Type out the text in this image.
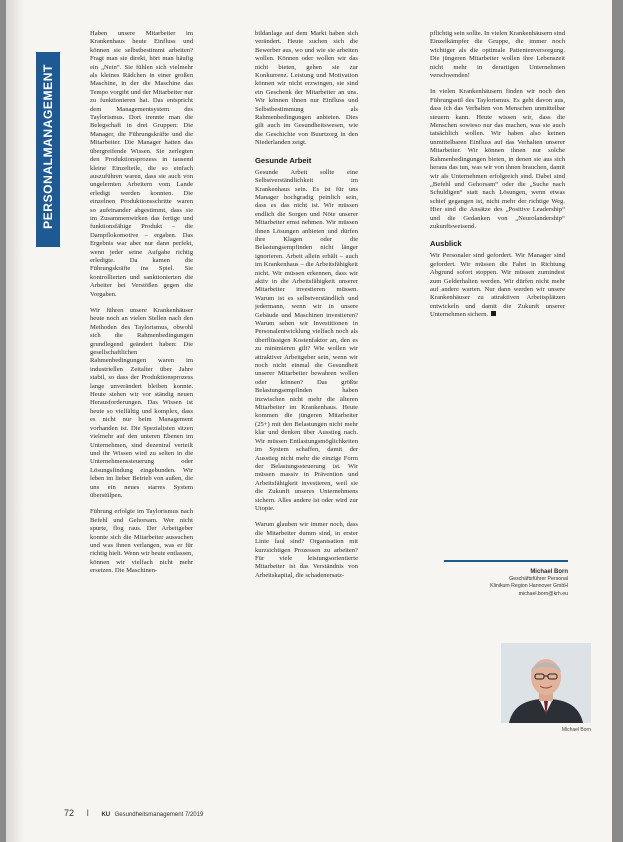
PERSONALMANAGEMENT

Haben unsere Mitarbeiter im Krankenhaus heute Einfluss und können sie selbstbestimmt arbeiten? Fragt man sie direkt, hört man häufig ein „Nein“. Sie fühlen sich vielmehr als kleines Rädchen in einer großen Maschine, in der die Maschine das Tempo vorgibt und der Mitarbeiter nur zu funktionieren hat. Das entspricht dem Managementsystem des Taylorismus. Dort trennte man die Belegschaft in drei Gruppen: Die Manager, die Führungskräfte und die Mitarbeiter. Die Manager hatten das übergreifende Wissen. Sie zerlegten den Produktionsprozess in tausend kleine Einzelteile, die so einfach auszuführen waren, dass sie auch von ungelernten Arbeitern vom Lande erledigt werden konnten. Die einzelnen Produktionsschritte waren so aufeinander abgestimmt, dass sie im Zusammenwirken das fertige und funktionsfähige Produkt – die Dampflokomotive – ergaben. Das Ergebnis war aber nur dann perfekt, wenn jeder seine Aufgabe richtig erledigte. Da kamen die Führungskräfte ins Spiel. Sie kontrollierten und sanktionierten die Arbeiter bei Verstößen gegen die Vorgaben.

Wir führen unsere Krankenhäuser heute noch an vielen Stellen nach den Methoden des Taylorismus, obwohl sich die Rahmenbedingungen grundlegend geändert haben: Die gesellschaftlichen Rahmenbedingungen waren im industriellen Zeitalter über Jahre stabil, so dass der Produktionsprozess lange unverändert bleiben konnte. Heute stehen wir vor ständig neuen Herausforderungen. Das Wissen ist heute so vielfältig und komplex, dass es nicht nur beim Management vorhanden ist. Die Spezialisten sitzen vielmehr auf den unteren Ebenen im Unternehmen, sind dezentral verteilt und ihr Wissen wird zu selten in die Unternehmenssteuerung oder Lösungsfindung eingebunden. Wir leben im lieber Betrieb von außen, die uns ein neues starres System überstülpen.

Führung erfolgte im Taylorismus nach Befehl und Gehorsam. Wer nicht spurte, flog raus. Der Arbeitgeber konnte sich die Mitarbeiter aussuchen und was ihnen verlangen, was er für richtig hielt. Wenn wir heute entlassen, können wir vielfach nicht mehr ersetzen. Die Maschinen-

bildanlage auf dem Markt haben sich verändert. Heute suchen sich die Bewerber aus, wo und wie sie arbeiten wollen. Können oder wollen wir das nicht bieten, gehen sie zur Konkurrenz. Leistung und Motivation können wir nicht erzwingen, sie sind ein Geschenk der Mitarbeiter an uns. Wir können ihnen nur Einfluss und Selbstbestimmung als Rahmenbedingungen anbieten. Dies gilt auch im Gesundheitswesen, wie die Geschichte von Buurtzorg in den Niederlanden zeigt.

Gesunde Arbeit

Gesunde Arbeit sollte eine Selbstverständlichkeit im Krankenhaus sein. Es ist für uns Manager hochgradig peinlich sein, dass es das nicht ist. Wir müssen endlich die Sorgen und Nöte unserer Mitarbeiter ernst nehmen. Wir müssen ihnen Lösungen anbieten und dürfen ihre Klagen oder die Belastungsempfinden nicht länger ignorieren. Arbeit allein erhält – auch im Krankenhaus – die Arbeitsfähigkeit nicht. Wir müssen erkennen, dass wir aktiv in die Arbeitsfähigkeit unserer Mitarbeiter investieren müssen. Warum ist es selbstverständlich und jedermann, wenn wir in unsere Gebäude und Maschinen investieren? Warum sehen wir Investitionen in Personalentwicklung vielfach noch als überflüssigen Kostenfaktor an, den es zu minimieren gilt? Wie wollen wir attraktiver Arbeitgeber sein, wenn wir noch nicht einmal die Gesundheit unserer Mitarbeiter bewahren wollen oder können? Das größte Belastungsempfinden haben inzwischen nicht mehr die älteren Mitarbeiter im Krankenhaus. Heute kommen die jüngeren Mitarbeiter (25+) mit den Belastungen nicht mehr klar und denken über Ausstieg nach. Wir müssen Entlastungsmöglichkeiten im System schaffen, damit der Ausstieg nicht mehr die einzige Form der Belastungssteuerung ist. Wir müssen massiv in Prävention und Arbeitsfähigkeit investieren, weil sie die Zukunft unseres Unternehmens sichern. Alles andere ist oder wird zur Utopie.

Warum glauben wir immer noch, dass die Mitarbeiter dumm sind, in erster Linie faul sind? Organisation mit kurzsichtigen Prozessen zu arbeiten? Für viele leistungsorientierte Mitarbeiter ist das Verständnis von Arbeitskapital, die schadenersatz-

pflichtig sein sollte. In vielen Krankenhäusern sind Einzelkämpfer die Gruppe, die immer noch wichtiger als die optimale Patientenversorgung. Die jüngeren Mitarbeiter wollen ihre Lebenszeit nicht mehr in derartigen Unternehmen verschwenden!

In vielen Krankenhäusern finden wir noch den Führungsstil des Taylorismus. Es geht davon aus, dass ich das Verhalten von Menschen unmittelbar steuern kann. Heute wissen wir, dass die Menschen sowieso nur das machen, was sie auch tatsächlich wollen. Wir haben also keinen unmittelbaren Einfluss auf das Verhalten unserer Mitarbeiter. Wir können ihnen nur solche Rahmenbedingungen bieten, in denen sie aus sich heraus das tun, was wir von ihnen brauchen, damit wir als Unternehmen erfolgreich sind. Dabei sind „Befehl und Gehorsam“ oder die „Suche nach Schuldigen“ statt nach Lösungen, wenn etwas schief gegangen ist, nicht mehr der richtige Weg. Hier sind die Ansätze des „Positive Leadership“ und die Gedanken von „Neurolandership“ zukunftsweisend.

Ausblick

Wir Personaler sind gefordert. Wir Manager sind gefordert. Wir müssen die Fahrt in Richtung Abgrund sofort stoppen. Wir müssen zumindest zum Gelderhalten werden. Wir dürfen nicht mehr auf andere warten. Nur dann werden wir unsere Krankenhäuser zu attraktiven Arbeitsplätzen entwickeln und damit die Zukunft unserer Unternehmen sichern.

Michael Born
Geschäftsführer Personal
Klinikum Region Hannover GmbH
michael.born@krh.eu
Michael Born
72 I KU Gesundheitsmanagement 7/2019
